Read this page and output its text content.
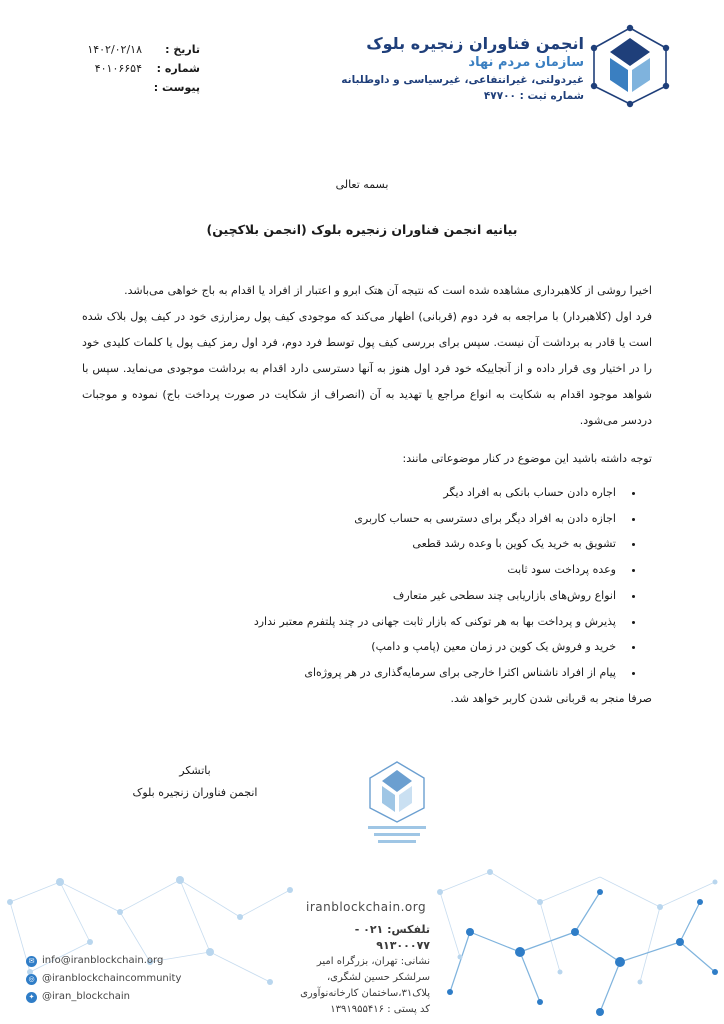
تاریخ :
۱۴۰۲/۰۲/۱۸
شماره :
۴۰۱۰۶۶۵۴
پیوست :
انجمن فناوران زنجیره بلوک
سازمان مردم نهاد
غیردولتی، غیرانتفاعی، غیرسیاسی و داوطلبانه
شماره ثبت : ۴۷۷۰۰
بسمه تعالی
بیانیه انجمن فناوران زنجیره بلوک (انجمن بلاکچین)
اخیرا روشی از کلاهبرداری مشاهده شده است که نتیجه آن هتک ابرو و اعتبار از افراد یا اقدام به باج خواهی می‌باشد.
فرد اول (کلاهبردار) با مراجعه به فرد دوم (قربانی) اظهار می‌کند که موجودی کیف پول رمزارزی خود در کیف پول بلاک شده است یا قادر به برداشت آن نیست. سپس برای بررسی کیف پول توسط فرد دوم، فرد اول رمز کیف پول یا کلمات کلیدی خود را در اختیار وی قرار داده و از آنجاییکه خود فرد اول هنوز به آنها دسترسی دارد اقدام به برداشت موجودی می‌نماید. سپس با شواهد موجود اقدام به شکایت به انواع مراجع یا تهدید به آن (انصراف از شکایت در صورت پرداخت باج) نموده و موجبات دردسر می‌شود.
توجه داشته باشید این موضوع در کنار موضوعاتی مانند:
• اجاره دادن حساب بانکی به افراد دیگر
• اجازه دادن به افراد دیگر برای دسترسی به حساب کاربری
• تشویق به خرید یک کوین با وعده رشد قطعی
• وعده پرداخت سود ثابت
• انواع روش‌های بازاریابی چند سطحی غیر متعارف
• پذیرش و پرداخت بها به هر توکنی که بازار ثابت جهانی در چند پلتفرم معتبر ندارد
• خرید و فروش یک کوین در زمان معین (پامپ و دامپ)
• پیام از افراد ناشناس اکثرا خارجی برای سرمایه‌گذاری در هر پروژه‌ای
صرفا منجر به قربانی شدن کاربر خواهد شد.
باتشکر
انجمن فناوران زنجیره بلوک
iranblockchain.org
تلفکس: ۰۲۱ - ۹۱۳۰۰۰۷۷
نشانی: تهران، بزرگراه امیر
سرلشکر حسین لشگری،
پلاک۳۱،ساختمان کارخانه‌نوآوری
کد پستی : ۱۳۹۱۹۵۵۴۱۶
✉ info@iranblockchain.org
◎ @iranblockchaincommunity
✦ @iran_blockchain
